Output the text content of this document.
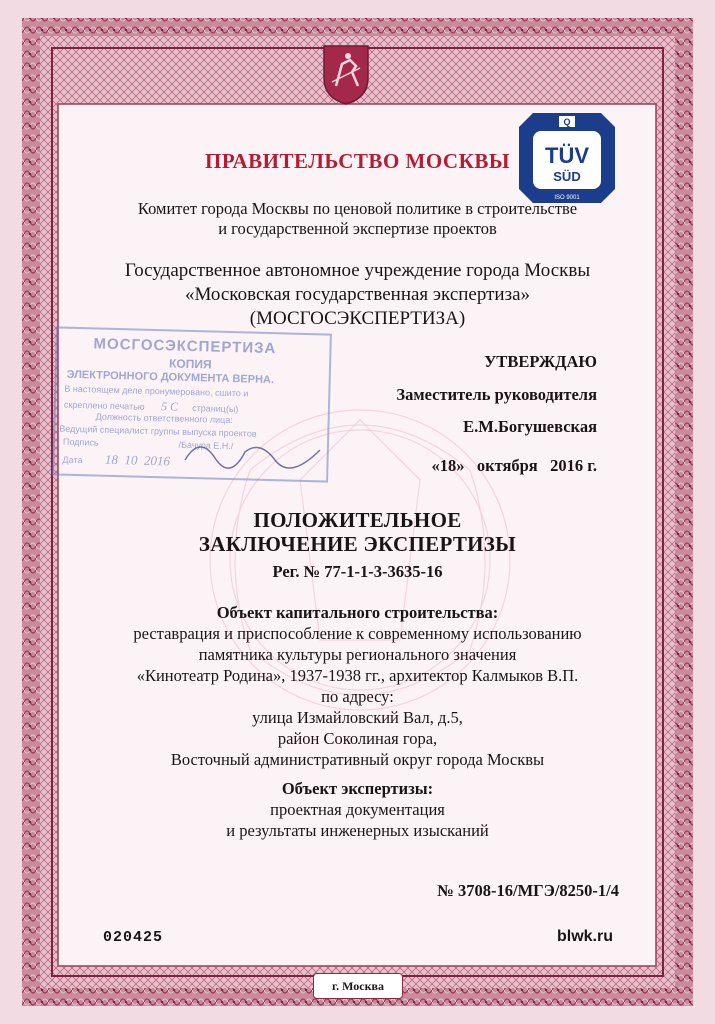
Q
TÜV
SÜD
ISO 9001
ПРАВИТЕЛЬСТВО МОСКВЫ
Комитет города Москвы по ценовой политике в строительстве
и государственной экспертизе проектов
Государственное автономное учреждение города Москвы
«Московская государственная экспертиза»
(МОСГОСЭКСПЕРТИЗА)
УТВЕРЖДАЮ
Заместитель руководителя
Е.М.Богушевская
«18»   октября   2016 г.
МОСГОСЭКСПЕРТИЗА
КОПИЯ
ЭЛЕКТРОННОГО ДОКУМЕНТА ВЕРНА.
В настоящем деле пронумеровано, сшито и
скреплено печатью 5 С страниц(ы)
Должность ответственного лица:
Ведущий специалист группы выпуска проектов
Подпись	/Бачура Е.Н./
Дата 18  10  2016
ПОЛОЖИТЕЛЬНОЕ
ЗАКЛЮЧЕНИЕ ЭКСПЕРТИЗЫ
Рег. № 77-1-1-3-3635-16
Объект капитального строительства:
реставрация и приспособление к современному использованию
памятника культуры регионального значения
«Кинотеатр Родина», 1937-1938 гг., архитектор Калмыков В.П.
по адресу:
улица Измайловский Вал, д.5,
район Соколиная гора,
Восточный административный округ города Москвы
Объект экспертизы:
проектная документация
и результаты инженерных изысканий
№ 3708-16/МГЭ/8250-1/4
020425	blwk.ru
г. Москва
